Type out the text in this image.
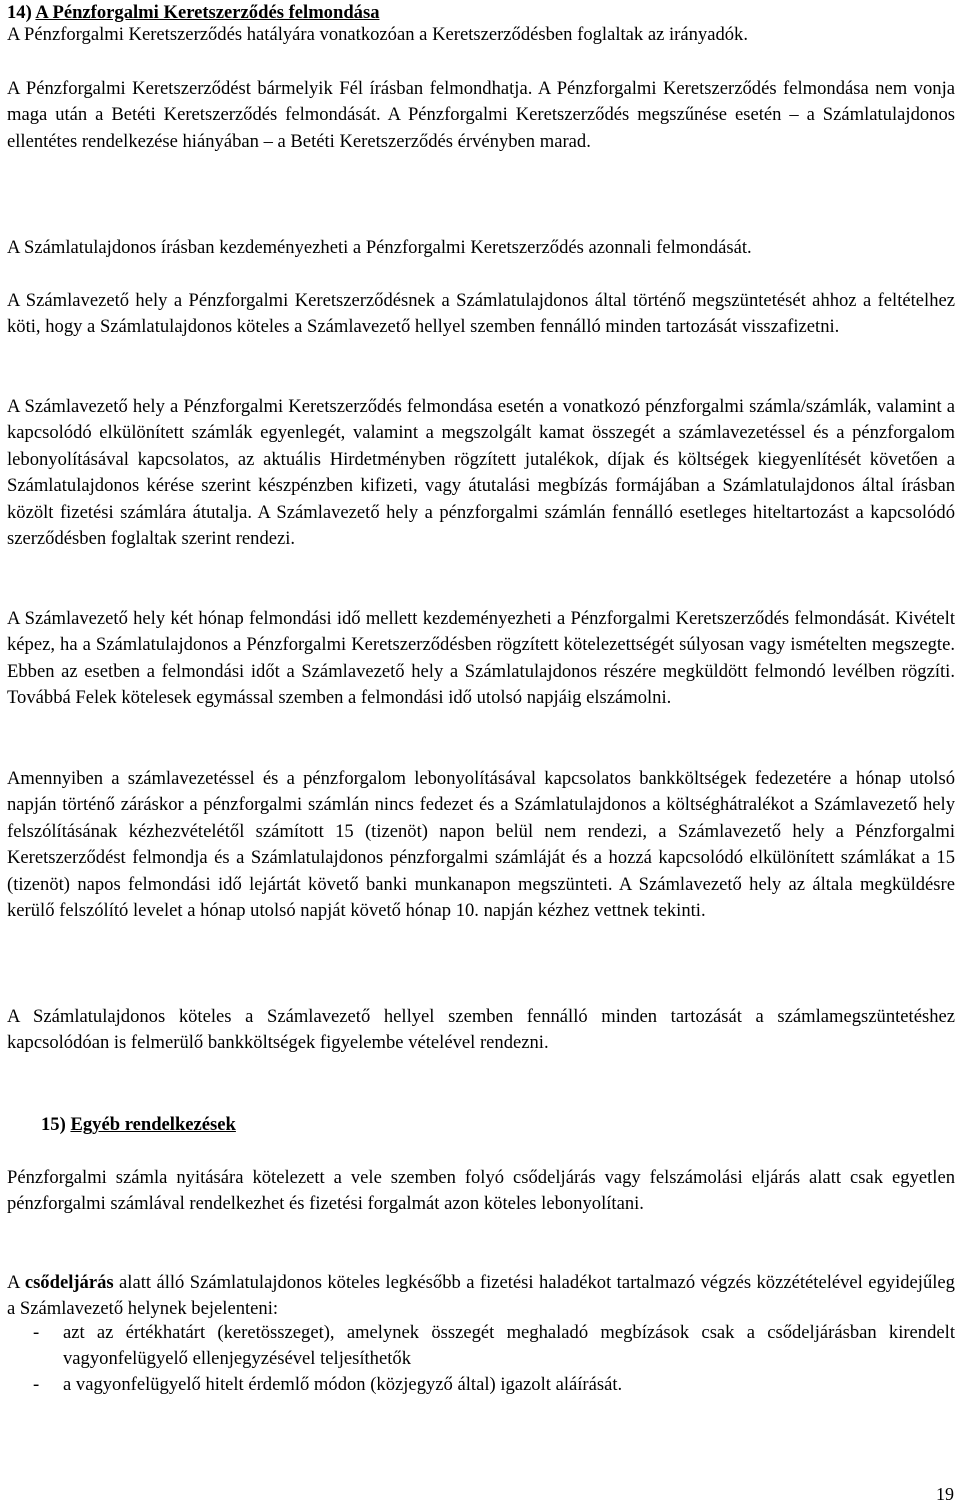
14) A Pénzforgalmi Keretszerződés felmondása
A Pénzforgalmi Keretszerződés hatályára vonatkozóan a Keretszerződésben foglaltak az irányadók.
A Pénzforgalmi Keretszerződést bármelyik Fél írásban felmondhatja. A Pénzforgalmi Keretszerződés felmondása nem vonja maga után a Betéti Keretszerződés felmondását. A Pénzforgalmi Keretszerződés megszűnése esetén – a Számlatulajdonos ellentétes rendelkezése hiányában – a Betéti Keretszerződés érvényben marad.
A Számlatulajdonos írásban kezdeményezheti a Pénzforgalmi Keretszerződés azonnali felmondását.
A Számlavezető hely a Pénzforgalmi Keretszerződésnek a Számlatulajdonos által történő megszüntetését ahhoz a feltételhez köti, hogy a Számlatulajdonos köteles a Számlavezető hellyel szemben fennálló minden tartozását visszafizetni.
A Számlavezető hely a Pénzforgalmi Keretszerződés felmondása esetén a vonatkozó pénzforgalmi számla/számlák, valamint a kapcsolódó elkülönített számlák egyenlegét, valamint a megszolgált kamat összegét a számlavezetéssel és a pénzforgalom lebonyolításával kapcsolatos, az aktuális Hirdetményben rögzített jutalékok, díjak és költségek kiegyenlítését követően a Számlatulajdonos kérése szerint készpénzben kifizeti, vagy átutalási megbízás formájában a Számlatulajdonos által írásban közölt fizetési számlára átutalja. A Számlavezető hely a pénzforgalmi számlán fennálló esetleges hiteltartozást a kapcsolódó szerződésben foglaltak szerint rendezi.
A Számlavezető hely két hónap felmondási idő mellett kezdeményezheti a Pénzforgalmi Keretszerződés felmondását. Kivételt képez, ha a Számlatulajdonos a Pénzforgalmi Keretszerződésben rögzített kötelezettségét súlyosan vagy ismételten megszegte. Ebben az esetben a felmondási időt a Számlavezető hely a Számlatulajdonos részére megküldött felmondó levélben rögzíti. Továbbá Felek kötelesek egymással szemben a felmondási idő utolsó napjáig elszámolni.
Amennyiben a számlavezetéssel és a pénzforgalom lebonyolításával kapcsolatos bankköltségek fedezetére a hónap utolsó napján történő záráskor a pénzforgalmi számlán nincs fedezet és a Számlatulajdonos a költséghátralékot a Számlavezető hely felszólításának kézhezvételétől számított 15 (tizenöt) napon belül nem rendezi, a Számlavezető hely a Pénzforgalmi Keretszerződést felmondja és a Számlatulajdonos pénzforgalmi számláját és a hozzá kapcsolódó elkülönített számlákat a 15 (tizenöt) napos felmondási idő lejártát követő banki munkanapon megszünteti. A Számlavezető hely az általa megküldésre kerülő felszólító levelet a hónap utolsó napját követő hónap 10. napján kézhez vettnek tekinti.
A Számlatulajdonos köteles a Számlavezető hellyel szemben fennálló minden tartozását a számlamegszüntetéshez kapcsolódóan is felmerülő bankköltségek figyelembe vételével rendezni.
15) Egyéb rendelkezések
Pénzforgalmi számla nyitására kötelezett a vele szemben folyó csődeljárás vagy felszámolási eljárás alatt csak egyetlen pénzforgalmi számlával rendelkezhet és fizetési forgalmát azon köteles lebonyolítani.
A csődeljárás alatt álló Számlatulajdonos köteles legkésőbb a fizetési haladékot tartalmazó végzés közzétételével egyidejűleg a Számlavezető helynek bejelenteni:
- azt az értékhatárt (keretösszeget), amelynek összegét meghaladó megbízások csak a csődeljárásban kirendelt vagyonfelügyelő ellenjegyzésével teljesíthetők
- a vagyonfelügyelő hitelt érdemlő módon (közjegyző által) igazolt aláírását.
19
